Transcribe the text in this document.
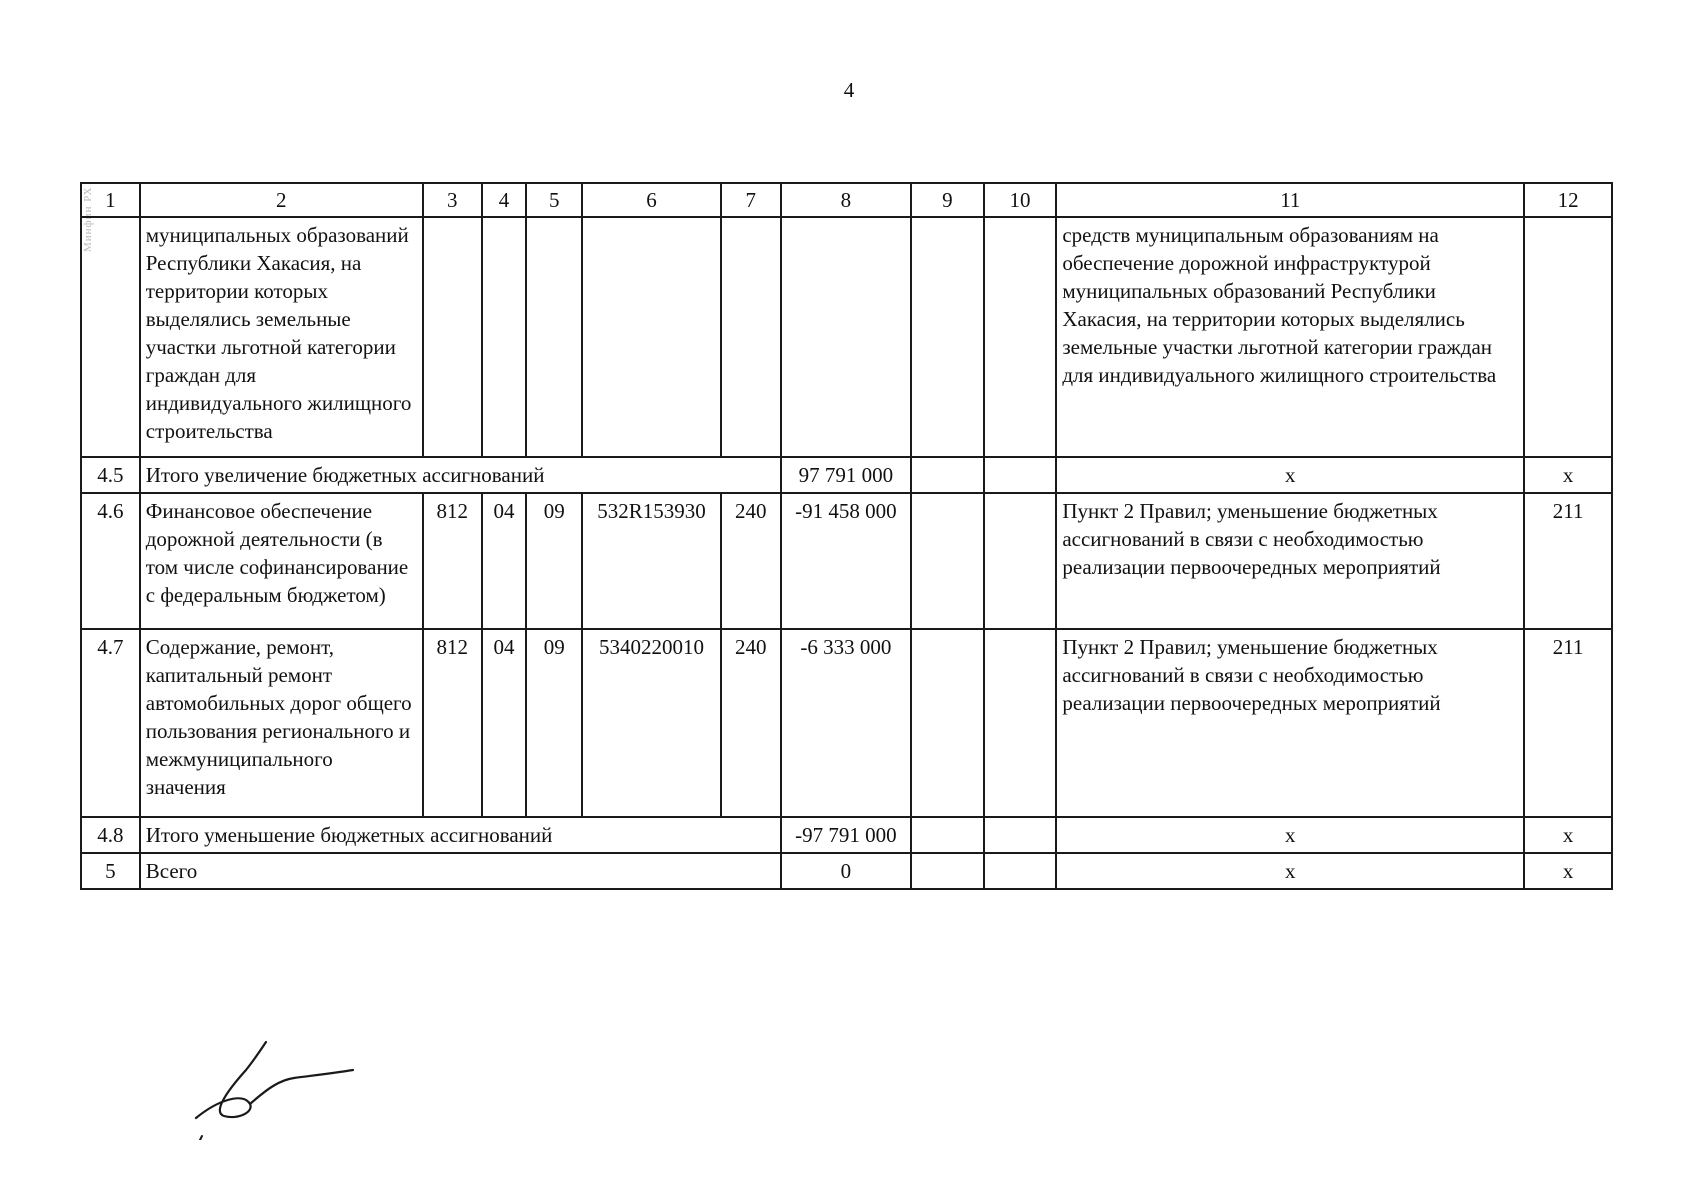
4
Минфин РХ 1	2	3	4	5	6	7	8	9	10	11	12
	муниципальных образований Республики Хакасия, на территории которых выделялись земельные участки льготной категории граждан для индивидуального жилищного строительства									средств муниципальным образованиям на обеспечение дорожной инфраструктурой муниципальных образований Республики Хакасия, на территории которых выделялись земельные участки льготной категории граждан для индивидуального жилищного строительства	
4.5	Итого увеличение бюджетных ассигнований						97 791 000			х	х
4.6	Финансовое обеспечение дорожной деятельности (в том числе софинансирование с федеральным бюджетом)	812	04	09	532R153930	240	-91 458 000			Пункт 2 Правил; уменьшение бюджетных ассигнований в связи с необходимостью реализации первоочередных мероприятий	211
4.7	Содержание, ремонт, капитальный ремонт автомобильных дорог общего пользования регионального и межмуниципального значения	812	04	09	5340220010	240	-6 333 000			Пункт 2 Правил; уменьшение бюджетных ассигнований в связи с необходимостью реализации первоочередных мероприятий	211
4.8	Итого уменьшение бюджетных ассигнований						-97 791 000			х	х
5	Всего						0			х	х
